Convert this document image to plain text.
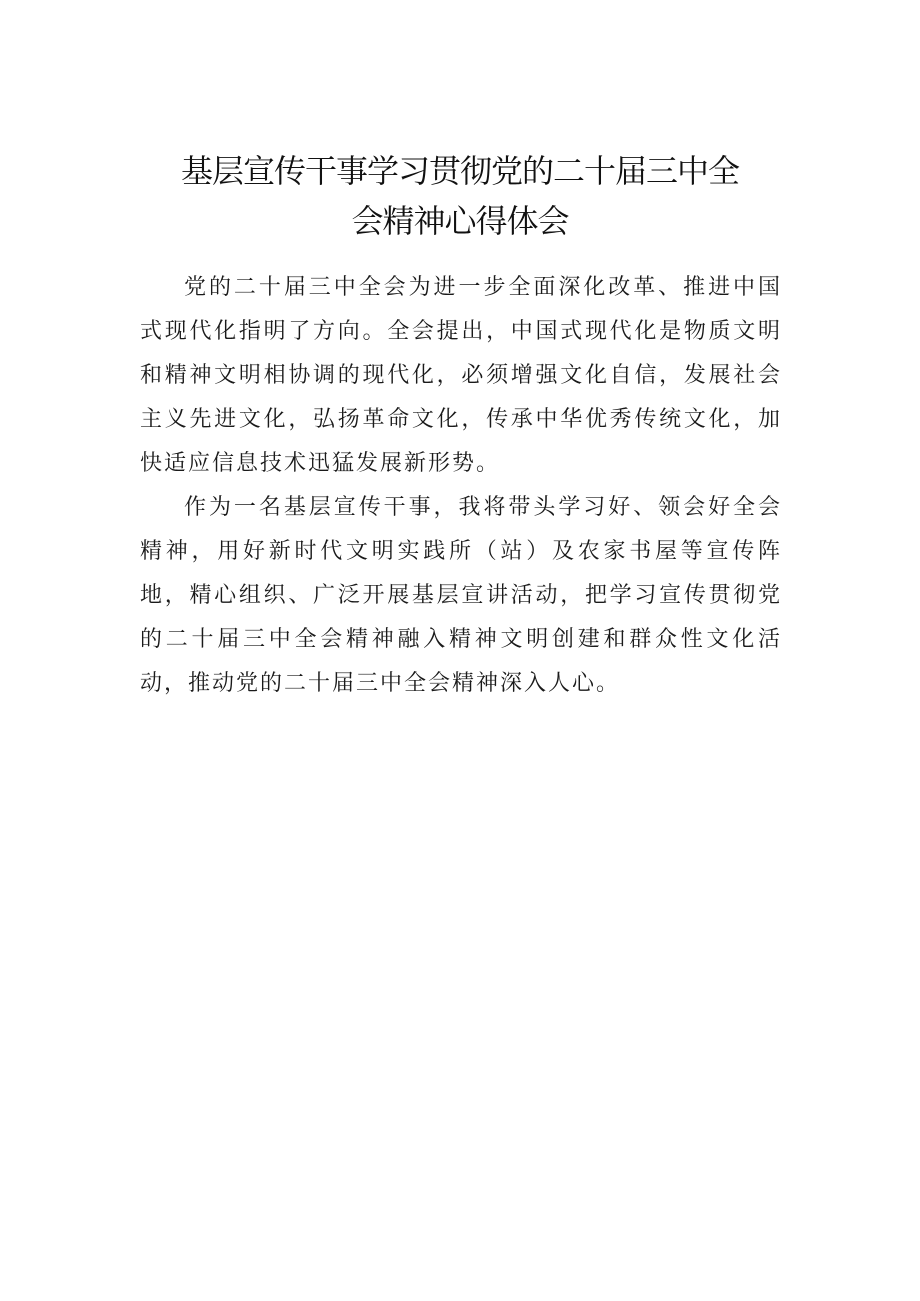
基层宣传干事学习贯彻党的二十届三中全
会精神心得体会

党的二十届三中全会为进一步全面深化改革、推进中国式现代化指明了方向。全会提出，中国式现代化是物质文明和精神文明相协调的现代化，必须增强文化自信，发展社会主义先进文化，弘扬革命文化，传承中华优秀传统文化，加快适应信息技术迅猛发展新形势。

作为一名基层宣传干事，我将带头学习好、领会好全会精神，用好新时代文明实践所（站）及农家书屋等宣传阵地，精心组织、广泛开展基层宣讲活动，把学习宣传贯彻党的二十届三中全会精神融入精神文明创建和群众性文化活动，推动党的二十届三中全会精神深入人心。
